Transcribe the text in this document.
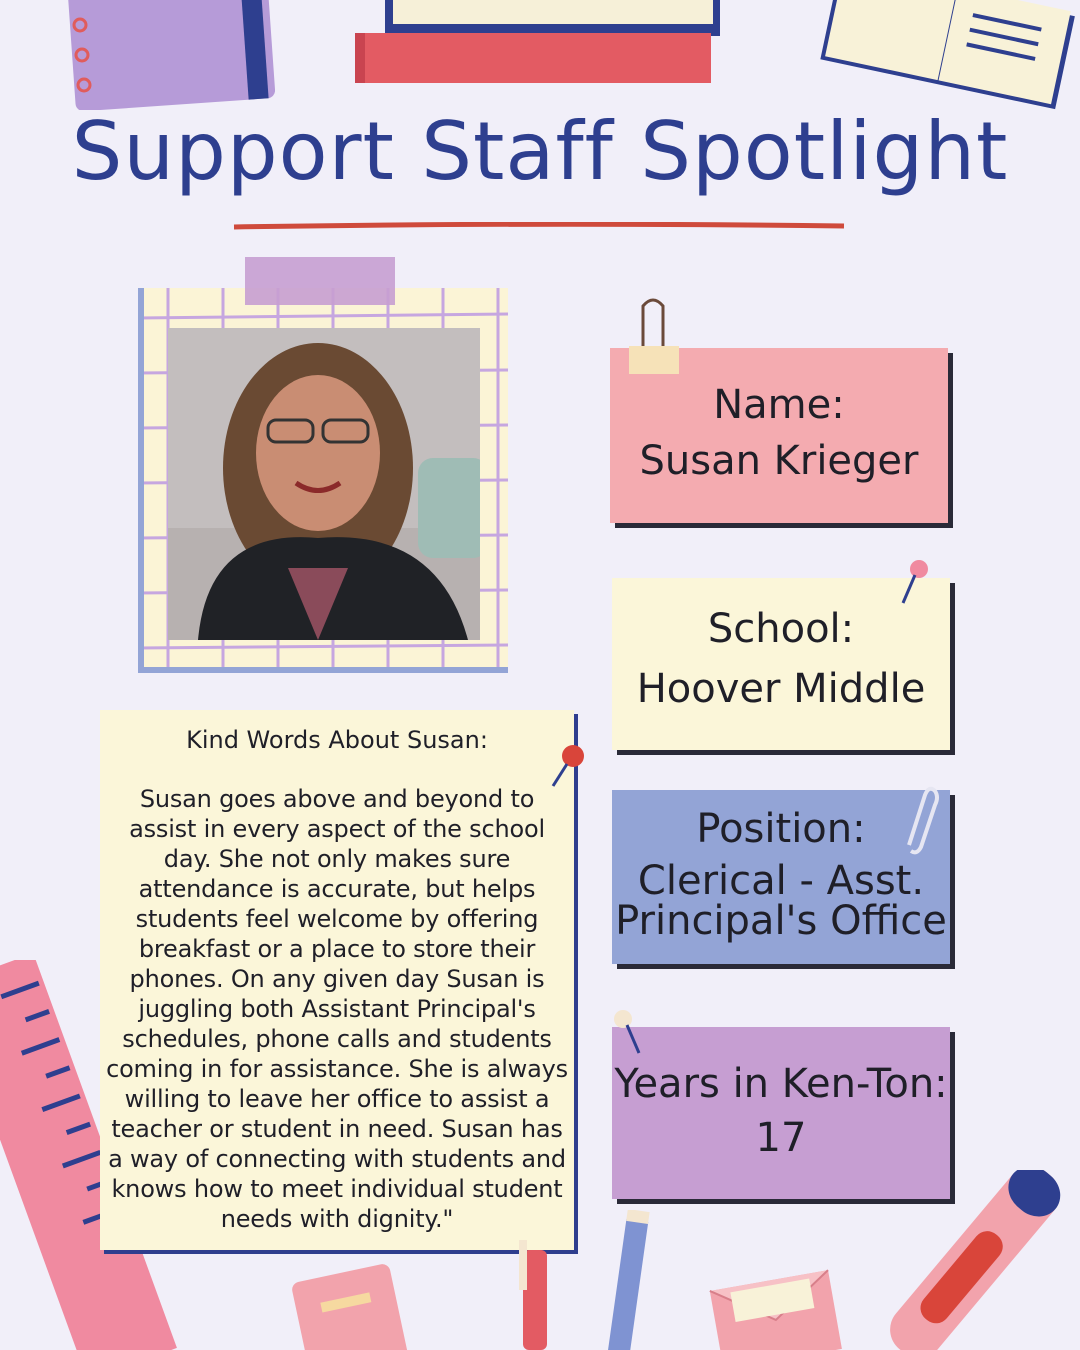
Support Staff Spotlight
Name:
Susan Krieger
School:
Hoover Middle
Position:
Clerical - Asst.
Principal's Office
Years in Ken-Ton:
17
Kind Words About Susan:
Susan goes above and beyond to assist in every aspect of the school day. She not only makes sure attendance is accurate, but helps students feel welcome by offering breakfast or a place to store their phones. On any given day Susan is juggling both Assistant Principal's schedules, phone calls and students coming in for assistance. She is always willing to leave her office to assist a teacher or student in need. Susan has a way of connecting with students and knows how to meet individual student needs with dignity."
